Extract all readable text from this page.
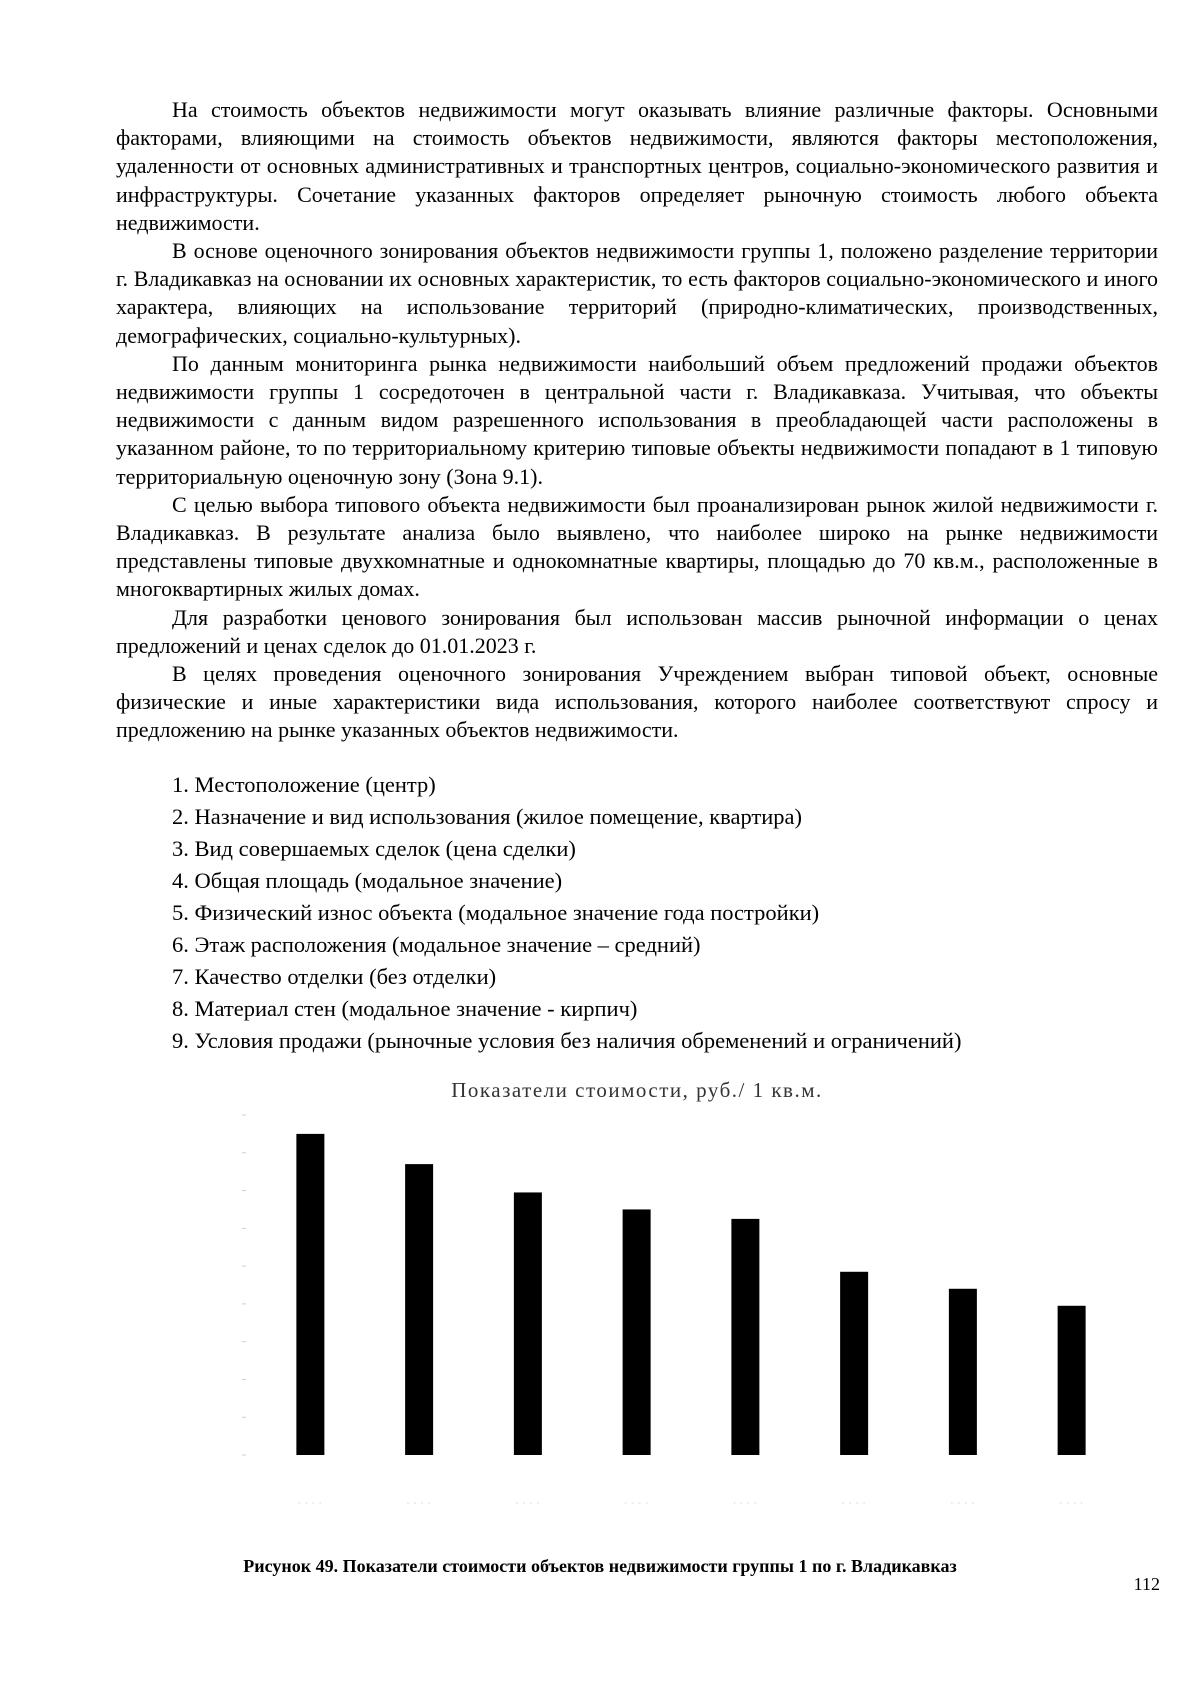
На стоимость объектов недвижимости могут оказывать влияние различные факторы. Основными факторами, влияющими на стоимость объектов недвижимости, являются факторы местоположения, удаленности от основных административных и транспортных центров, социально-экономического развития и инфраструктуры. Сочетание указанных факторов определяет рыночную стоимость любого объекта недвижимости.

В основе оценочного зонирования объектов недвижимости группы 1, положено разделение территории г. Владикавказ на основании их основных характеристик, то есть факторов социально-экономического и иного характера, влияющих на использование территорий (природно-климатических, производственных, демографических, социально-культурных).

По данным мониторинга рынка недвижимости наибольший объем предложений продажи объектов недвижимости группы 1 сосредоточен в центральной части г. Владикавказа. Учитывая, что объекты недвижимости с данным видом разрешенного использования в преобладающей части расположены в указанном районе, то по территориальному критерию типовые объекты недвижимости попадают в 1 типовую территориальную оценочную зону (Зона 9.1).

С целью выбора типового объекта недвижимости был проанализирован рынок жилой недвижимости г. Владикавказ. В результате анализа было выявлено, что наиболее широко на рынке недвижимости представлены типовые двухкомнатные и однокомнатные квартиры, площадью до 70 кв.м., расположенные в многоквартирных жилых домах.

Для разработки ценового зонирования был использован массив рыночной информации о ценах предложений и ценах сделок до 01.01.2023 г.

В целях проведения оценочного зонирования Учреждением выбран типовой объект, основные физические и иные характеристики вида использования, которого наиболее соответствуют спросу и предложению на рынке указанных объектов недвижимости.

1. Местоположение (центр)
2. Назначение и вид использования (жилое помещение, квартира)
3. Вид совершаемых сделок (цена сделки)
4. Общая площадь (модальное значение)
5. Физический износ объекта (модальное значение года постройки)
6. Этаж расположения (модальное значение – средний)
7. Качество отделки (без отделки)
8. Материал стен (модальное значение - кирпич)
9. Условия продажи (рыночные условия без наличия обременений и ограничений)
Показатели стоимости, руб./ 1 кв.м.
Рисунок 49. Показатели стоимости объектов недвижимости группы 1 по г. Владикавказ
112
